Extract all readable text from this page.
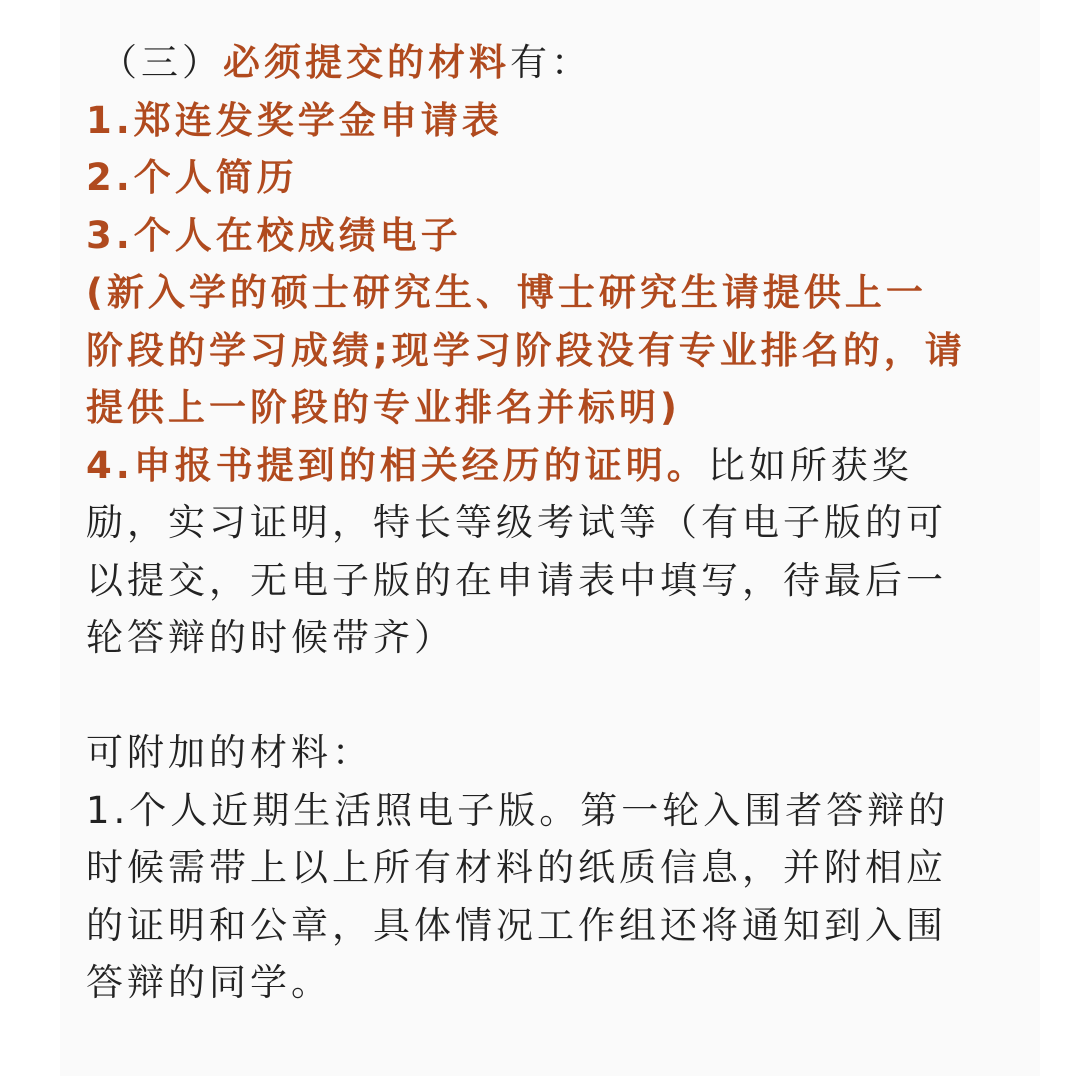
（三）必须提交的材料有：
1.郑连发奖学金申请表
2.个人简历
3.个人在校成绩电子
(新入学的硕士研究生、博士研究生请提供上一
阶段的学习成绩;现学习阶段没有专业排名的，请
提供上一阶段的专业排名并标明)
4.申报书提到的相关经历的证明。比如所获奖
励，实习证明，特长等级考试等（有电子版的可
以提交，无电子版的在申请表中填写，待最后一
轮答辩的时候带齐）
可附加的材料：
1.个人近期生活照电子版。第一轮入围者答辩的
时候需带上以上所有材料的纸质信息，并附相应
的证明和公章，具体情况工作组还将通知到入围
答辩的同学。
